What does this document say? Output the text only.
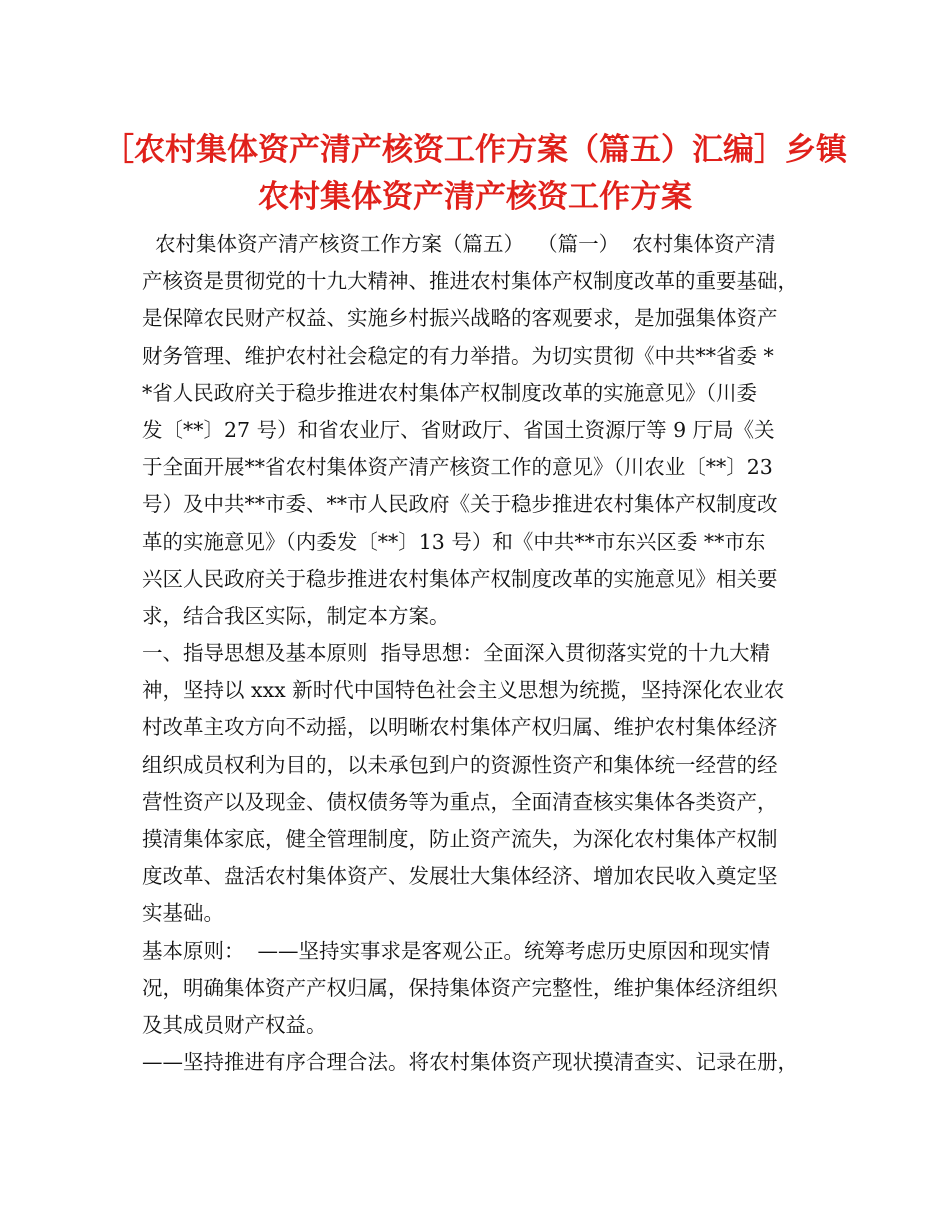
［农村集体资产清产核资工作方案（篇五）汇编］乡镇
农村集体资产清产核资工作方案
农村集体资产清产核资工作方案（篇五）  （篇一）  农村集体资产清
产核资是贯彻党的十九大精神、推进农村集体产权制度改革的重要基础，
是保障农民财产权益、实施乡村振兴战略的客观要求，是加强集体资产
财务管理、维护农村社会稳定的有力举措。为切实贯彻《中共**省委 *
*省人民政府关于稳步推进农村集体产权制度改革的实施意见》（川委
发〔**〕27 号）和省农业厅、省财政厅、省国土资源厅等 9 厅局《关
于全面开展**省农村集体资产清产核资工作的意见》（川农业〔**〕23
号）及中共**市委、**市人民政府《关于稳步推进农村集体产权制度改
革的实施意见》（内委发〔**〕13 号）和《中共**市东兴区委 **市东
兴区人民政府关于稳步推进农村集体产权制度改革的实施意见》相关要
求，结合我区实际，制定本方案。
一、指导思想及基本原则  指导思想：全面深入贯彻落实党的十九大精
神，坚持以 xxx 新时代中国特色社会主义思想为统揽，坚持深化农业农
村改革主攻方向不动摇，以明晰农村集体产权归属、维护农村集体经济
组织成员权利为目的，以未承包到户的资源性资产和集体统一经营的经
营性资产以及现金、债权债务等为重点，全面清查核实集体各类资产，
摸清集体家底，健全管理制度，防止资产流失，为深化农村集体产权制
度改革、盘活农村集体资产、发展壮大集体经济、增加农民收入奠定坚
实基础。
基本原则：  ——坚持实事求是客观公正。统筹考虑历史原因和现实情
况，明确集体资产产权归属，保持集体资产完整性，维护集体经济组织
及其成员财产权益。
——坚持推进有序合理合法。将农村集体资产现状摸清查实、记录在册，
